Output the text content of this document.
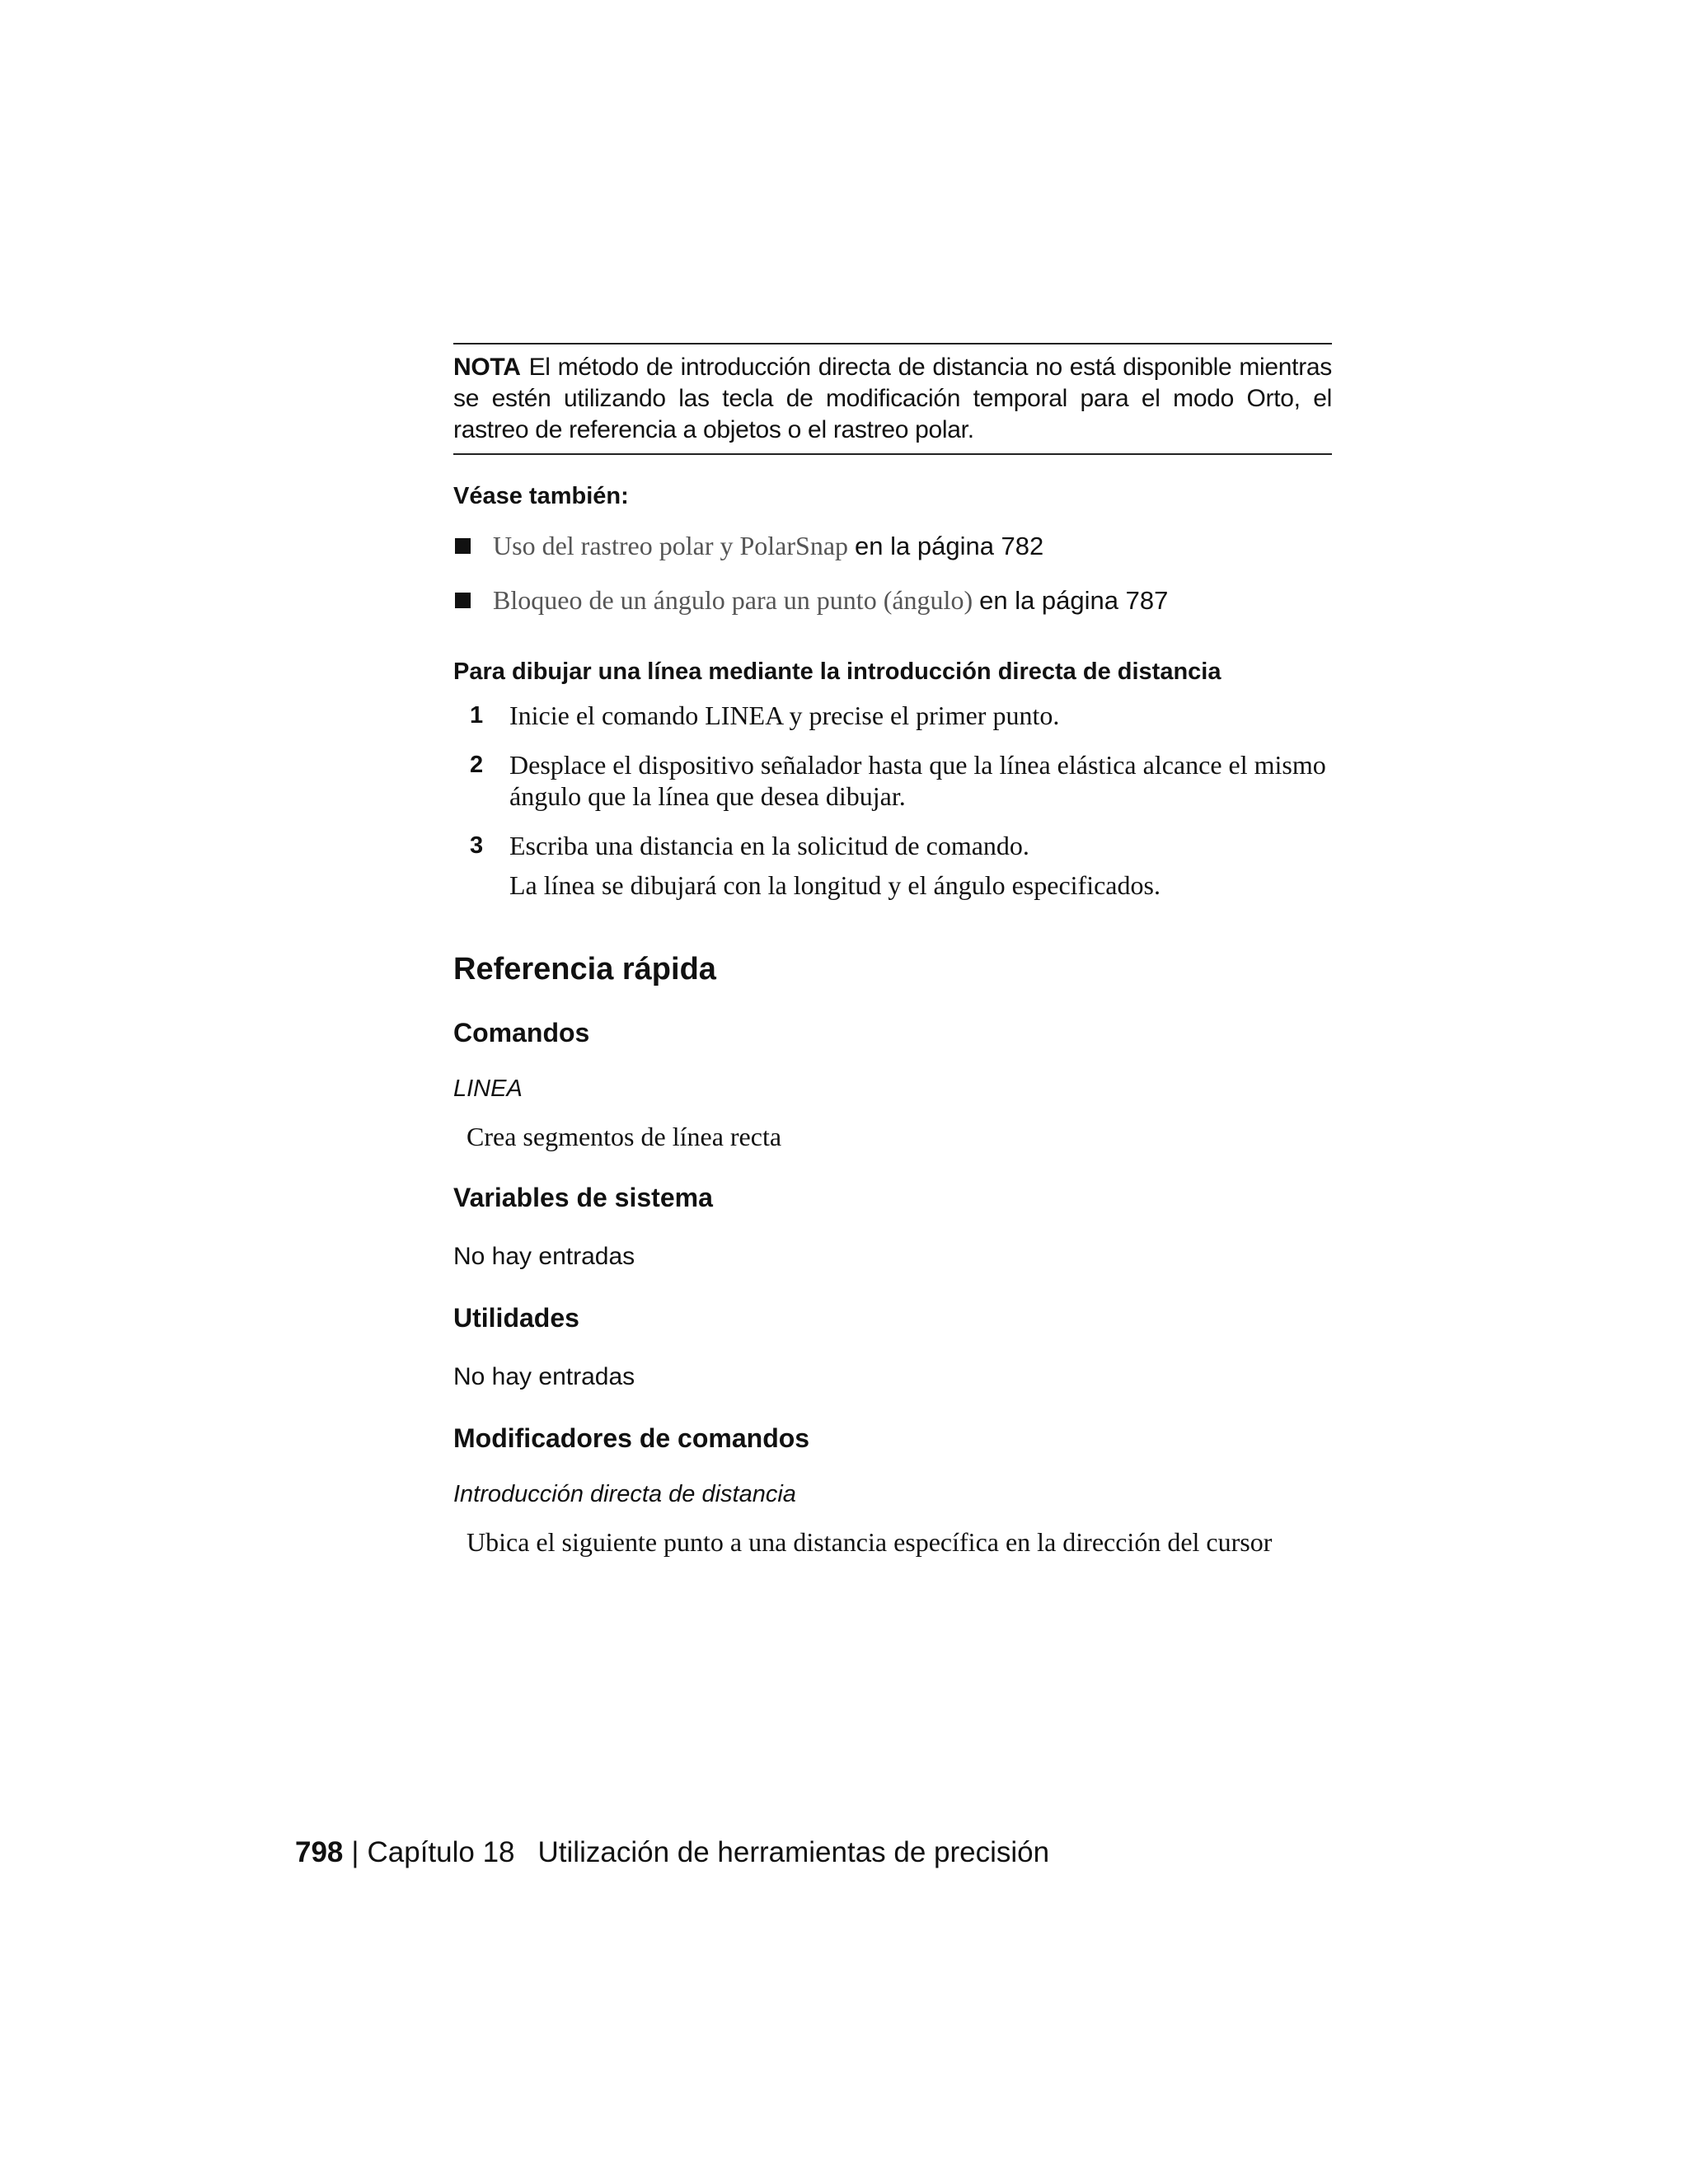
NOTA El método de introducción directa de distancia no está disponible mientras se estén utilizando las tecla de modificación temporal para el modo Orto, el rastreo de referencia a objetos o el rastreo polar.
Véase también:
Uso del rastreo polar y PolarSnap en la página 782
Bloqueo de un ángulo para un punto (ángulo) en la página 787
Para dibujar una línea mediante la introducción directa de distancia
1 Inicie el comando LINEA y precise el primer punto.
2 Desplace el dispositivo señalador hasta que la línea elástica alcance el mismo ángulo que la línea que desea dibujar.
3 Escriba una distancia en la solicitud de comando.
La línea se dibujará con la longitud y el ángulo especificados.
Referencia rápida
Comandos
LINEA
Crea segmentos de línea recta
Variables de sistema
No hay entradas
Utilidades
No hay entradas
Modificadores de comandos
Introducción directa de distancia
Ubica el siguiente punto a una distancia específica en la dirección del cursor
798 | Capítulo 18 Utilización de herramientas de precisión
